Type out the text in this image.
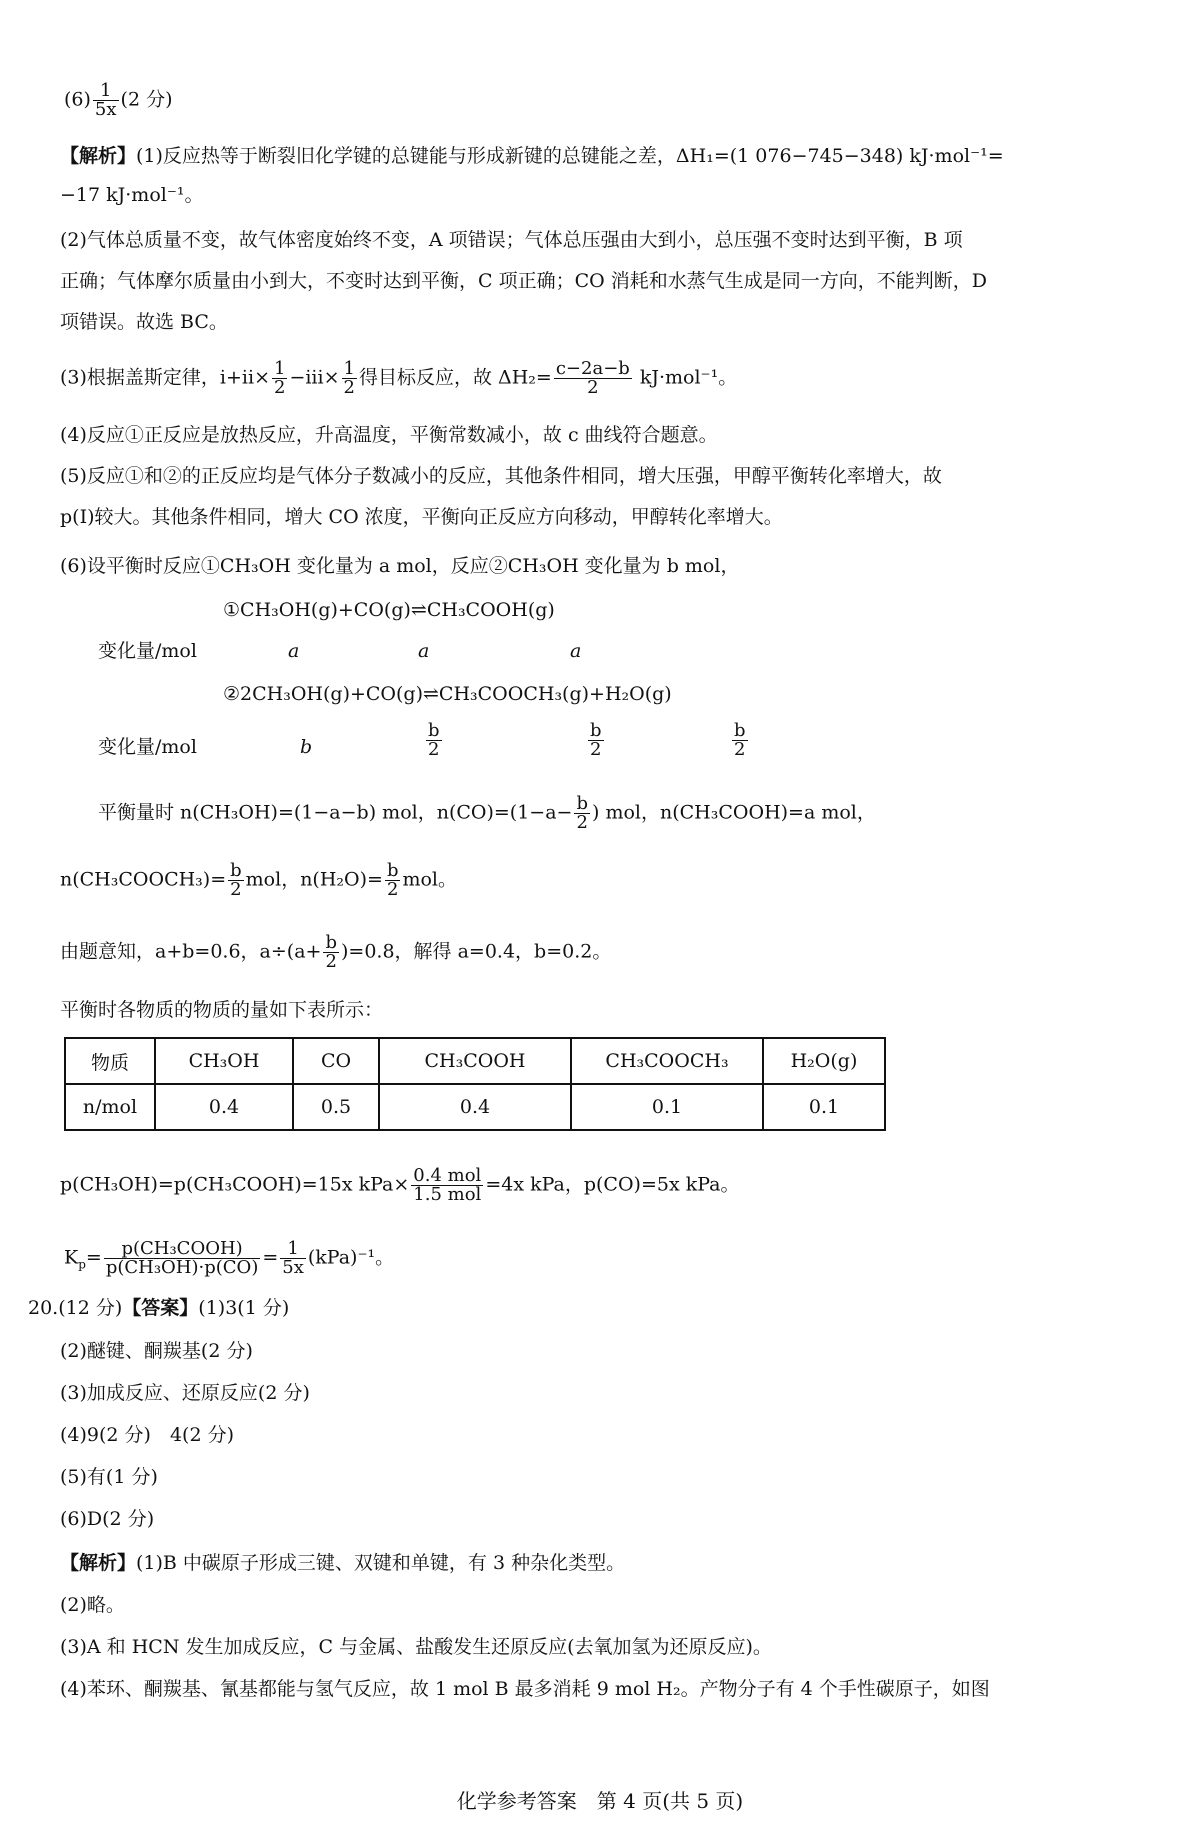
$(6) \frac{1}{5x} (2$ 分)
【解析】(1)反应热等于断裂旧化学键的总键能与形成新键的总键能之差，ΔH₁=(1 076−745−348) kJ·mol⁻¹=
−17 kJ·mol⁻¹。
(2)气体总质量不变，故气体密度始终不变，A 项错误；气体总压强由大到小，总压强不变时达到平衡，B 项
正确；气体摩尔质量由小到大，不变时达到平衡，C 项正确；CO 消耗和水蒸气生成是同一方向，不能判断，D
项错误。故选 BC。
(3)根据盖斯定律，$i+ii\times \frac{1}{2} -iii\times \frac{1}{2}$ 得目标反应，故 $\Delta H_2= \frac{c-2a-b}{2} kJ\cdot mol^{-1}$。
(4)反应①正反应是放热反应，升高温度，平衡常数减小，故 c 曲线符合题意。
(5)反应①和②的正反应均是气体分子数减小的反应，其他条件相同，增大压强，甲醇平衡转化率增大，故
p(Ⅰ)较大。其他条件相同，增大 CO 浓度，平衡向正反应方向移动，甲醇转化率增大。
(6)设平衡时反应①CH₃OH 变化量为 a mol，反应②CH₃OH 变化量为 b mol，
①CH₃OH(g)+CO(g)⇌CH₃COOH(g)
变化量/mol	a	a	a
②2CH₃OH(g)+CO(g)⇌CH₃COOCH₃(g)+H₂O(g)
变化量/mol	b	$\frac{b}{2}$	$\frac{b}{2}$	$\frac{b}{2}$
平衡量时 n(CH₃OH)=(1−a−b) mol，$n(CO)=(1-a- \frac{b}{2}$ ) mol，n(CH₃COOH)=a mol，
n(CH₃COOCH₃)= $\frac{b}{2}$ mol，$n(H_2O)= \frac{b}{2}$ mol。
由题意知，a+b=0.6，$a\div(a+ \frac{b}{2} )=0.8$，解得 a=0.4，b=0.2。
平衡时各物质的物质的量如下表所示：
物质	CH₃OH	CO	CH₃COOH	CH₃COOCH₃	H₂O(g)
n/mol	0.4	0.5	0.4	0.1	0.1
p(CH₃OH)=p(CH₃COOH)=15x $kPa\times \frac{\text{0.4 mol}}{\text{1.5 mol}} =4x$ kPa，p(CO)=5x kPa。
$K_p= \frac{\text{p(CH₃COOH)}}{\text{p(CH₃OH)·p(CO)}} = \frac{1}{5x} (kPa)^{-1}$。
20.(12 分)【答案】(1)3(1 分)
(2)醚键、酮羰基(2 分)
(3)加成反应、还原反应(2 分)
(4)9(2 分)　4(2 分)
(5)有(1 分)
(6)D(2 分)
【解析】(1)B 中碳原子形成三键、双键和单键，有 3 种杂化类型。
(2)略。
(3)A 和 HCN 发生加成反应，C 与金属、盐酸发生还原反应(去氧加氢为还原反应)。
(4)苯环、酮羰基、氰基都能与氢气反应，故 1 mol B 最多消耗 9 mol H₂。产物分子有 4 个手性碳原子，如图
化学参考答案　第 4 页(共 5 页)
